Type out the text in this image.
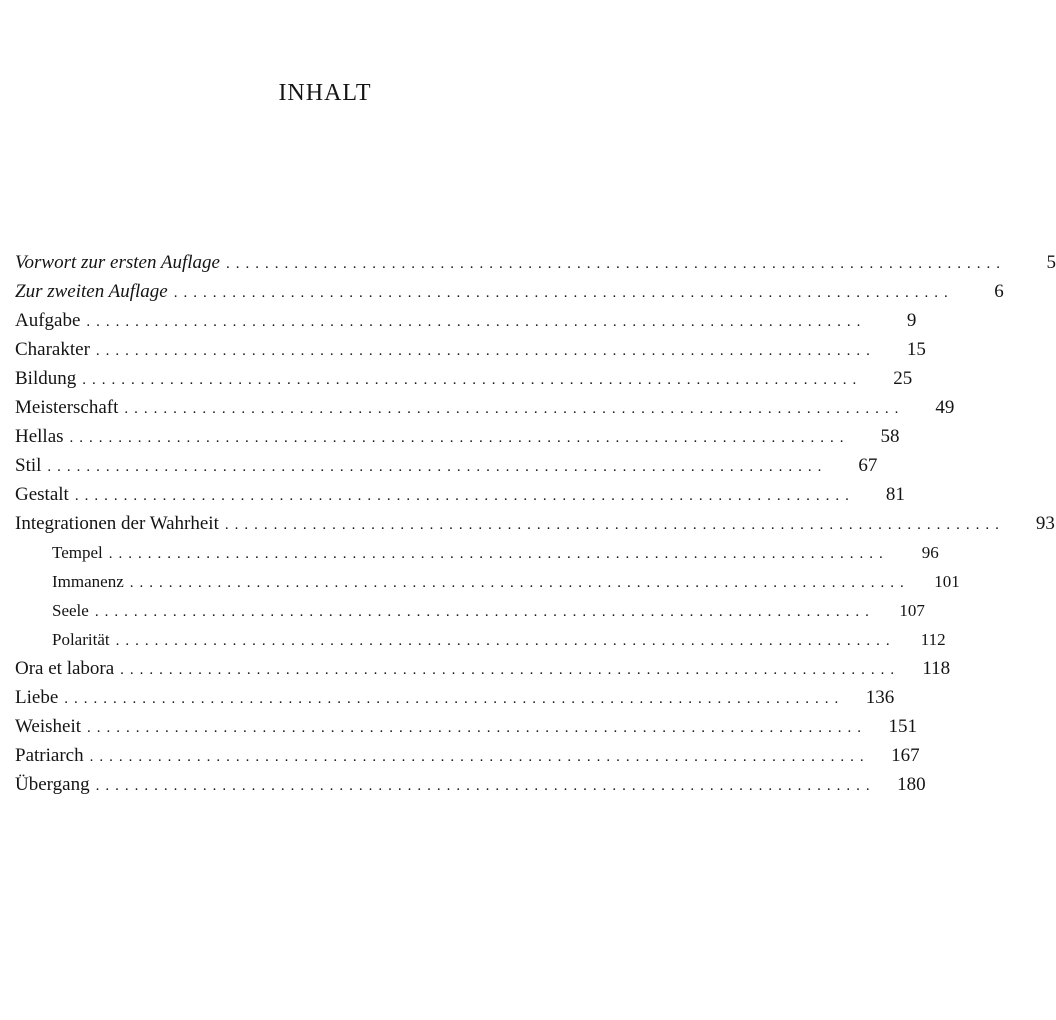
INHALT
Vorwort zur ersten Auflage ................................................................................	5
Zur zweiten Auflage ................................................................................	6
Aufgabe ................................................................................	9
Charakter ................................................................................	15
Bildung ................................................................................	25
Meisterschaft ................................................................................	49
Hellas ................................................................................	58
Stil ................................................................................	67
Gestalt ................................................................................	81
Integrationen der Wahrheit ................................................................................	93
Tempel ................................................................................	96
Immanenz ................................................................................	101
Seele ................................................................................	107
Polarität ................................................................................	112
Ora et labora ................................................................................	118
Liebe ................................................................................ 136
Weisheit ................................................................................ 151
Patriarch ................................................................................ 167
Übergang ................................................................................ 180
